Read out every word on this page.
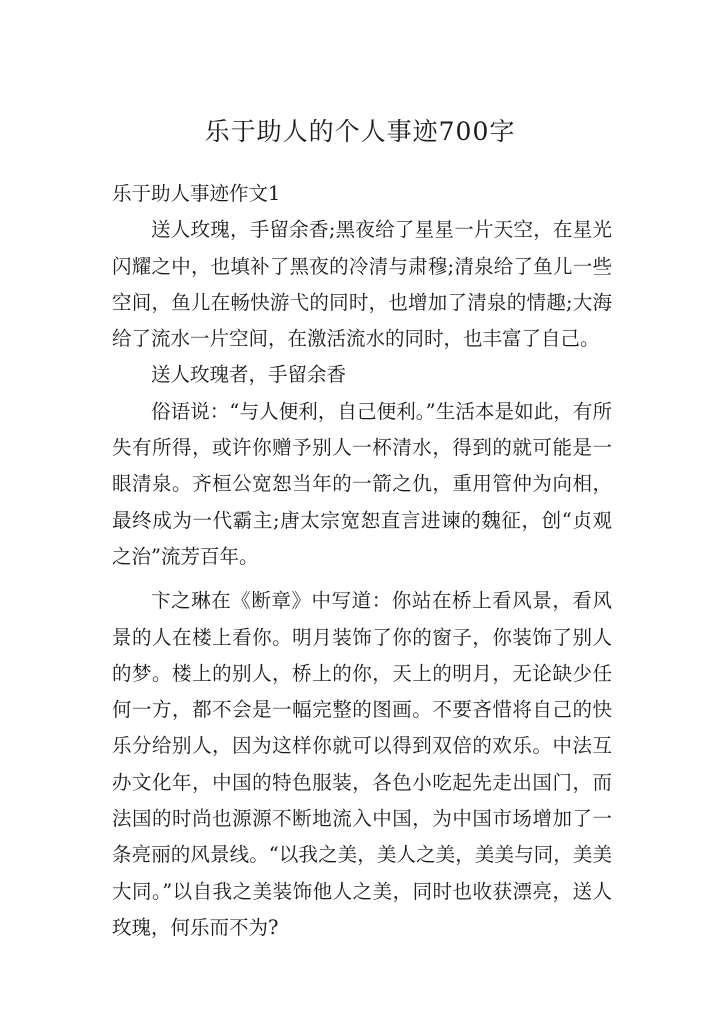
乐于助人的个人事迹700字

乐于助人事迹作文1

送人玫瑰，手留余香;黑夜给了星星一片天空，在星光闪耀之中，也填补了黑夜的冷清与肃穆;清泉给了鱼儿一些空间，鱼儿在畅快游弋的同时，也增加了清泉的情趣;大海给了流水一片空间，在激活流水的同时，也丰富了自己。

送人玫瑰者，手留余香

俗语说：“与人便利，自己便利。”生活本是如此，有所失有所得，或许你赠予别人一杯清水，得到的就可能是一眼清泉。齐桓公宽恕当年的一箭之仇，重用管仲为向相，最终成为一代霸主;唐太宗宽恕直言进谏的魏征，创“贞观之治”流芳百年。

卞之琳在《断章》中写道：你站在桥上看风景，看风景的人在楼上看你。明月装饰了你的窗子，你装饰了别人的梦。楼上的别人，桥上的你，天上的明月，无论缺少任何一方，都不会是一幅完整的图画。不要吝惜将自己的快乐分给别人，因为这样你就可以得到双倍的欢乐。中法互办文化年，中国的特色服装，各色小吃起先走出国门，而法国的时尚也源源不断地流入中国，为中国市场增加了一条亮丽的风景线。“以我之美，美人之美，美美与同，美美大同。”以自我之美装饰他人之美，同时也收获漂亮，送人玫瑰，何乐而不为?
